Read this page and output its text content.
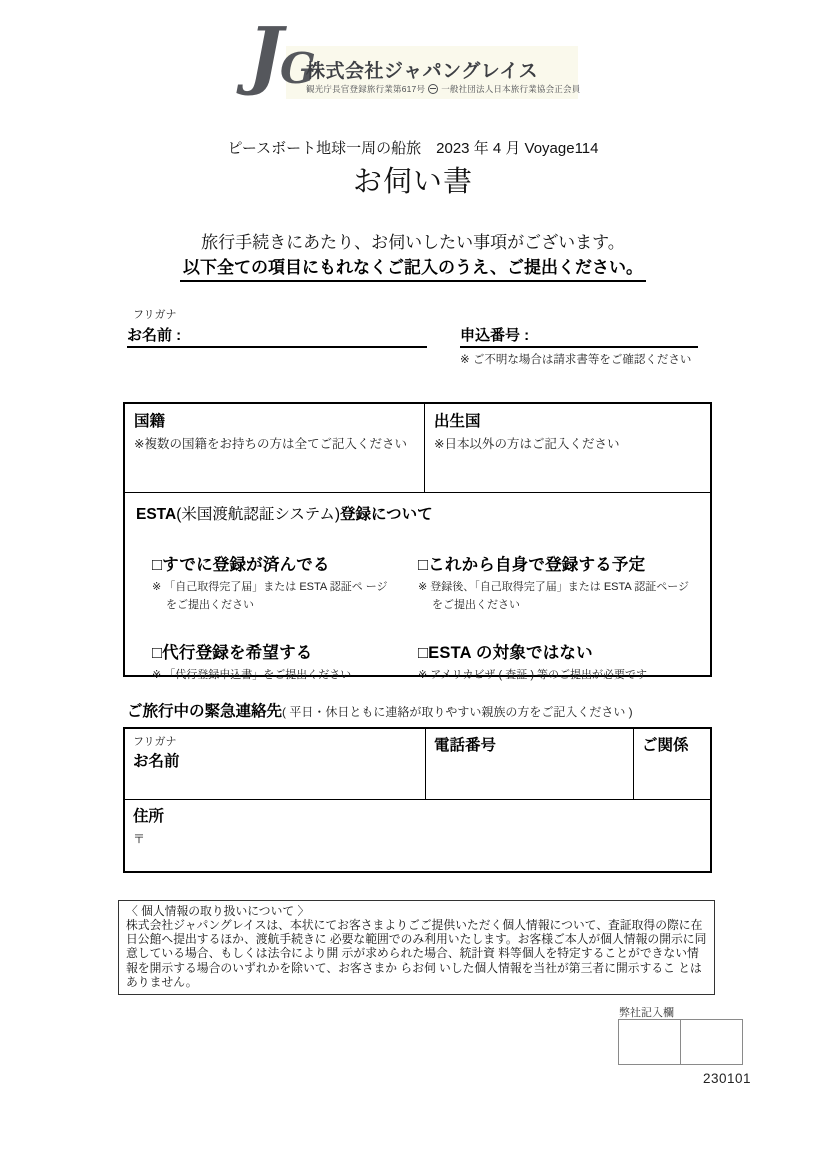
J
G
株式会社ジャパングレイス
観光庁長官登録旅行業第617号 一般社団法人日本旅行業協会正会員
ピースボート地球一周の船旅　2023 年 4 月 Voyage114
お伺い書
旅行手続きにあたり、お伺いしたい事項がございます。
以下全ての項目にもれなくご記入のうえ、ご提出ください。
フリガナ
お名前 :	申込番号 :
※ ご不明な場合は請求書等をご確認ください
国籍
※複数の国籍をお持ちの方は全てご記入ください
出生国
※日本以外の方はご記入ください
ESTA(米国渡航認証システム)登録について
□すでに登録が済んでる
※ 「自己取得完了届」または ESTA 認証ペ ージ
をご提出ください
□これから自身で登録する予定
※ 登録後、「自己取得完了届」または ESTA 認証ページ
をご提出ください
□代行登録を希望する
※ 「代行登録申込書」をご提出ください
□ESTA の対象ではない
※ アメリカビザ ( 査証 ) 等のご提出が必要です
ご旅行中の緊急連絡先( 平日・休日ともに連絡が取りやすい親族の方をご記入ください )
フリガナ
お名前
電話番号	ご関係
住所
〒
〈 個人情報の取り扱いについて 〉
株式会社ジャパングレイスは、本状にてお客さまよりごご提供いただく個人情報について、査証取得の際に在日公館へ提出するほか、渡航手続きに 必要な範囲でのみ利用いたします。お客様ご本人が個人情報の開示に同意している場合、もしくは法令により開 示が求められた場合、統計資 料等個人を特定することができない情報を開示する場合のいずれかを除いて、お客さまか らお伺 いした個人情報を当社が第三者に開示するこ とはありません。
弊社記入欄
230101
